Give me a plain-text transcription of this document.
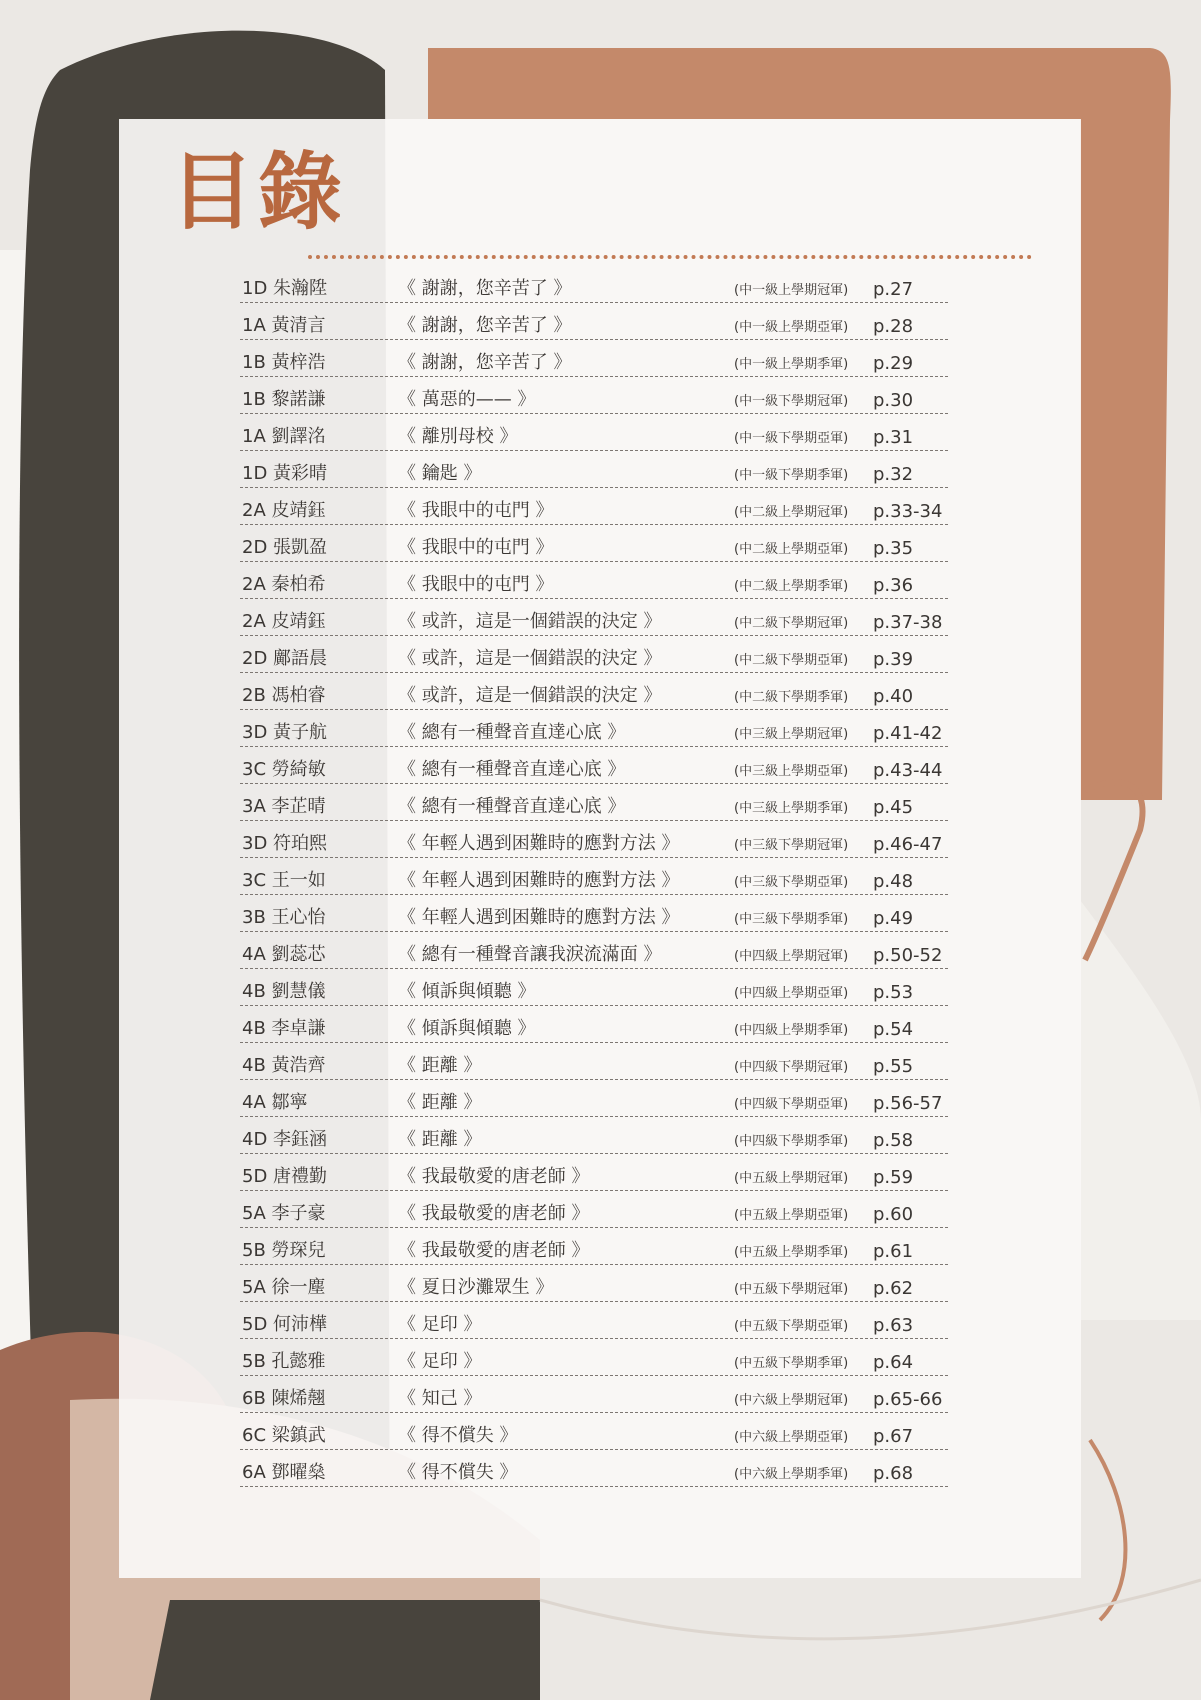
目錄
1D 朱瀚陞	《 謝謝，您辛苦了 》	(中一級上學期冠軍) p.27
1A 黃清言	《 謝謝，您辛苦了 》	(中一級上學期亞軍) p.28
1B 黃梓浩	《 謝謝，您辛苦了 》	(中一級上學期季軍) p.29
1B 黎諾謙	《 萬惡的—— 》	(中一級下學期冠軍) p.30
1A 劉譯洺	《 離別母校 》	(中一級下學期亞軍) p.31
1D 黃彩晴	《 鑰匙 》	(中一級下學期季軍) p.32
2A 皮靖鈺	《 我眼中的屯門 》	(中二級上學期冠軍) p.33-34
2D 張凱盈	《 我眼中的屯門 》	(中二級上學期亞軍) p.35
2A 秦柏希	《 我眼中的屯門 》	(中二級上學期季軍) p.36
2A 皮靖鈺	《 或許，這是一個錯誤的決定 》	(中二級下學期冠軍) p.37-38
2D 鄺語晨	《 或許，這是一個錯誤的決定 》	(中二級下學期亞軍) p.39
2B 馮柏睿	《 或許，這是一個錯誤的決定 》	(中二級下學期季軍) p.40
3D 黃子航	《 總有一種聲音直達心底 》	(中三級上學期冠軍) p.41-42
3C 勞綺敏	《 總有一種聲音直達心底 》	(中三級上學期亞軍) p.43-44
3A 李芷晴	《 總有一種聲音直達心底 》	(中三級上學期季軍) p.45
3D 符珀熙	《 年輕人遇到困難時的應對方法 》	(中三級下學期冠軍) p.46-47
3C 王一如	《 年輕人遇到困難時的應對方法 》	(中三級下學期亞軍) p.48
3B 王心怡	《 年輕人遇到困難時的應對方法 》	(中三級下學期季軍) p.49
4A 劉蕊芯	《 總有一種聲音讓我淚流滿面 》	(中四級上學期冠軍) p.50-52
4B 劉慧儀	《 傾訴與傾聽 》	(中四級上學期亞軍) p.53
4B 李卓謙	《 傾訴與傾聽 》	(中四級上學期季軍) p.54
4B 黃浩齊	《 距離 》	(中四級下學期冠軍) p.55
4A 鄒寧	《 距離 》	(中四級下學期亞軍) p.56-57
4D 李鈺涵	《 距離 》	(中四級下學期季軍) p.58
5D 唐禮勤	《 我最敬愛的唐老師 》	(中五級上學期冠軍) p.59
5A 李子豪	《 我最敬愛的唐老師 》	(中五級上學期亞軍) p.60
5B 勞琛兒	《 我最敬愛的唐老師 》	(中五級上學期季軍) p.61
5A 徐一塵	《 夏日沙灘眾生 》	(中五級下學期冠軍) p.62
5D 何沛樺	《 足印 》	(中五級下學期亞軍) p.63
5B 孔懿雅	《 足印 》	(中五級下學期季軍) p.64
6B 陳烯翹	《 知己 》	(中六級上學期冠軍) p.65-66
6C 梁鎮武	《 得不償失 》	(中六級上學期亞軍) p.67
6A 鄧曜燊	《 得不償失 》	(中六級上學期季軍) p.68
